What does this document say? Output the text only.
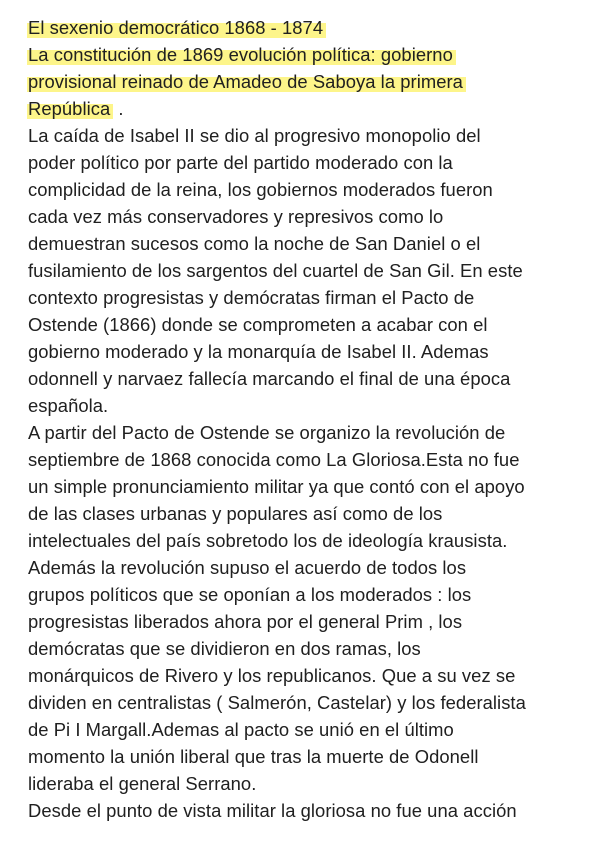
El sexenio democrático 1868 - 1874
La constitución de 1869 evolución política: gobierno
provisional reinado de Amadeo de Saboya la primera
República .
La caída de Isabel II se dio al progresivo monopolio del
poder político por parte del partido moderado con la
complicidad de la reina, los gobiernos moderados fueron
cada vez más conservadores y represivos como lo
demuestran sucesos como la noche de San Daniel o el
fusilamiento de los sargentos del cuartel de San Gil. En este
contexto progresistas y demócratas firman el Pacto de
Ostende (1866) donde se comprometen a acabar con el
gobierno moderado y la monarquía de Isabel II. Ademas
odonnell y narvaez fallecía marcando el final de una época
española.
A partir del Pacto de Ostende se organizo la revolución de
septiembre de 1868 conocida como La Gloriosa.Esta no fue
un simple pronunciamiento militar ya que contó con el apoyo
de las clases urbanas y populares así como de los
intelectuales del país sobretodo los de ideología krausista.
Además la revolución supuso el acuerdo de todos los
grupos políticos que se oponían a los moderados : los
progresistas liberados ahora por el general Prim , los
demócratas que se dividieron en dos ramas, los
monárquicos de Rivero y los republicanos. Que a su vez se
dividen en centralistas ( Salmerón, Castelar) y los federalista
de Pi I Margall.Ademas al pacto se unió en el último
momento la unión liberal que tras la muerte de Odonell
lideraba el general Serrano.
Desde el punto de vista militar la gloriosa no fue una acción
